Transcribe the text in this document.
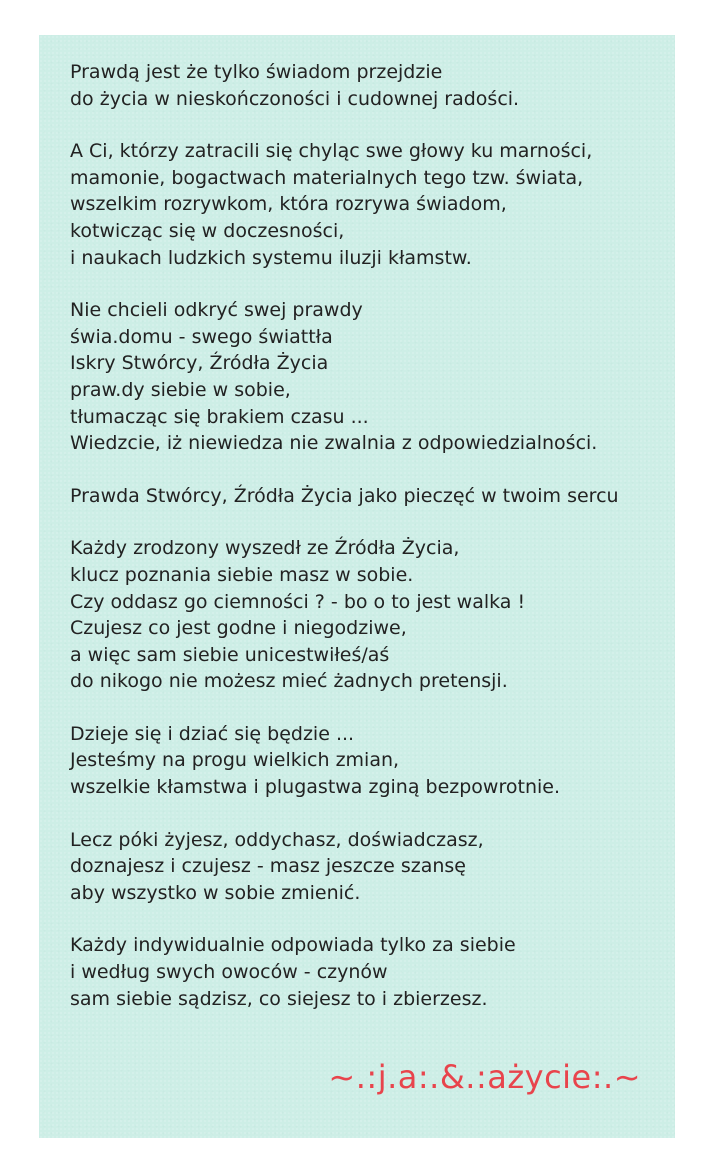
Prawdą jest że tylko świadom przejdzie
do życia w nieskończoności i cudownej radości.
A Ci, którzy zatracili się chyląc swe głowy ku marności,
mamonie, bogactwach materialnych tego tzw. świata,
wszelkim rozrywkom, która rozrywa świadom,
kotwicząc się w doczesności,
i naukach ludzkich systemu iluzji kłamstw.
Nie chcieli odkryć swej prawdy
świa.domu - swego świattła
Iskry Stwórcy, Źródła Życia
praw.dy siebie w sobie,
tłumacząc się brakiem czasu ...
Wiedzcie, iż niewiedza nie zwalnia z odpowiedzialności.
Prawda Stwórcy, Źródła Życia jako pieczęć w twoim sercu
Każdy zrodzony wyszedł ze Źródła Życia,
klucz poznania siebie masz w sobie.
Czy oddasz go ciemności ? - bo o to jest walka !
Czujesz co jest godne i niegodziwe,
a więc sam siebie unicestwiłeś/aś
do nikogo nie możesz mieć żadnych pretensji.
Dzieje się i dziać się będzie ...
Jesteśmy na progu wielkich zmian,
wszelkie kłamstwa i plugastwa zginą bezpowrotnie.
Lecz póki żyjesz, oddychasz, doświadczasz,
doznajesz i czujesz - masz jeszcze szansę
aby wszystko w sobie zmienić.
Każdy indywidualnie odpowiada tylko za siebie
i według swych owoców - czynów
sam siebie sądzisz, co siejesz to i zbierzesz.
~.:j.a:.&.:ażycie:.~
